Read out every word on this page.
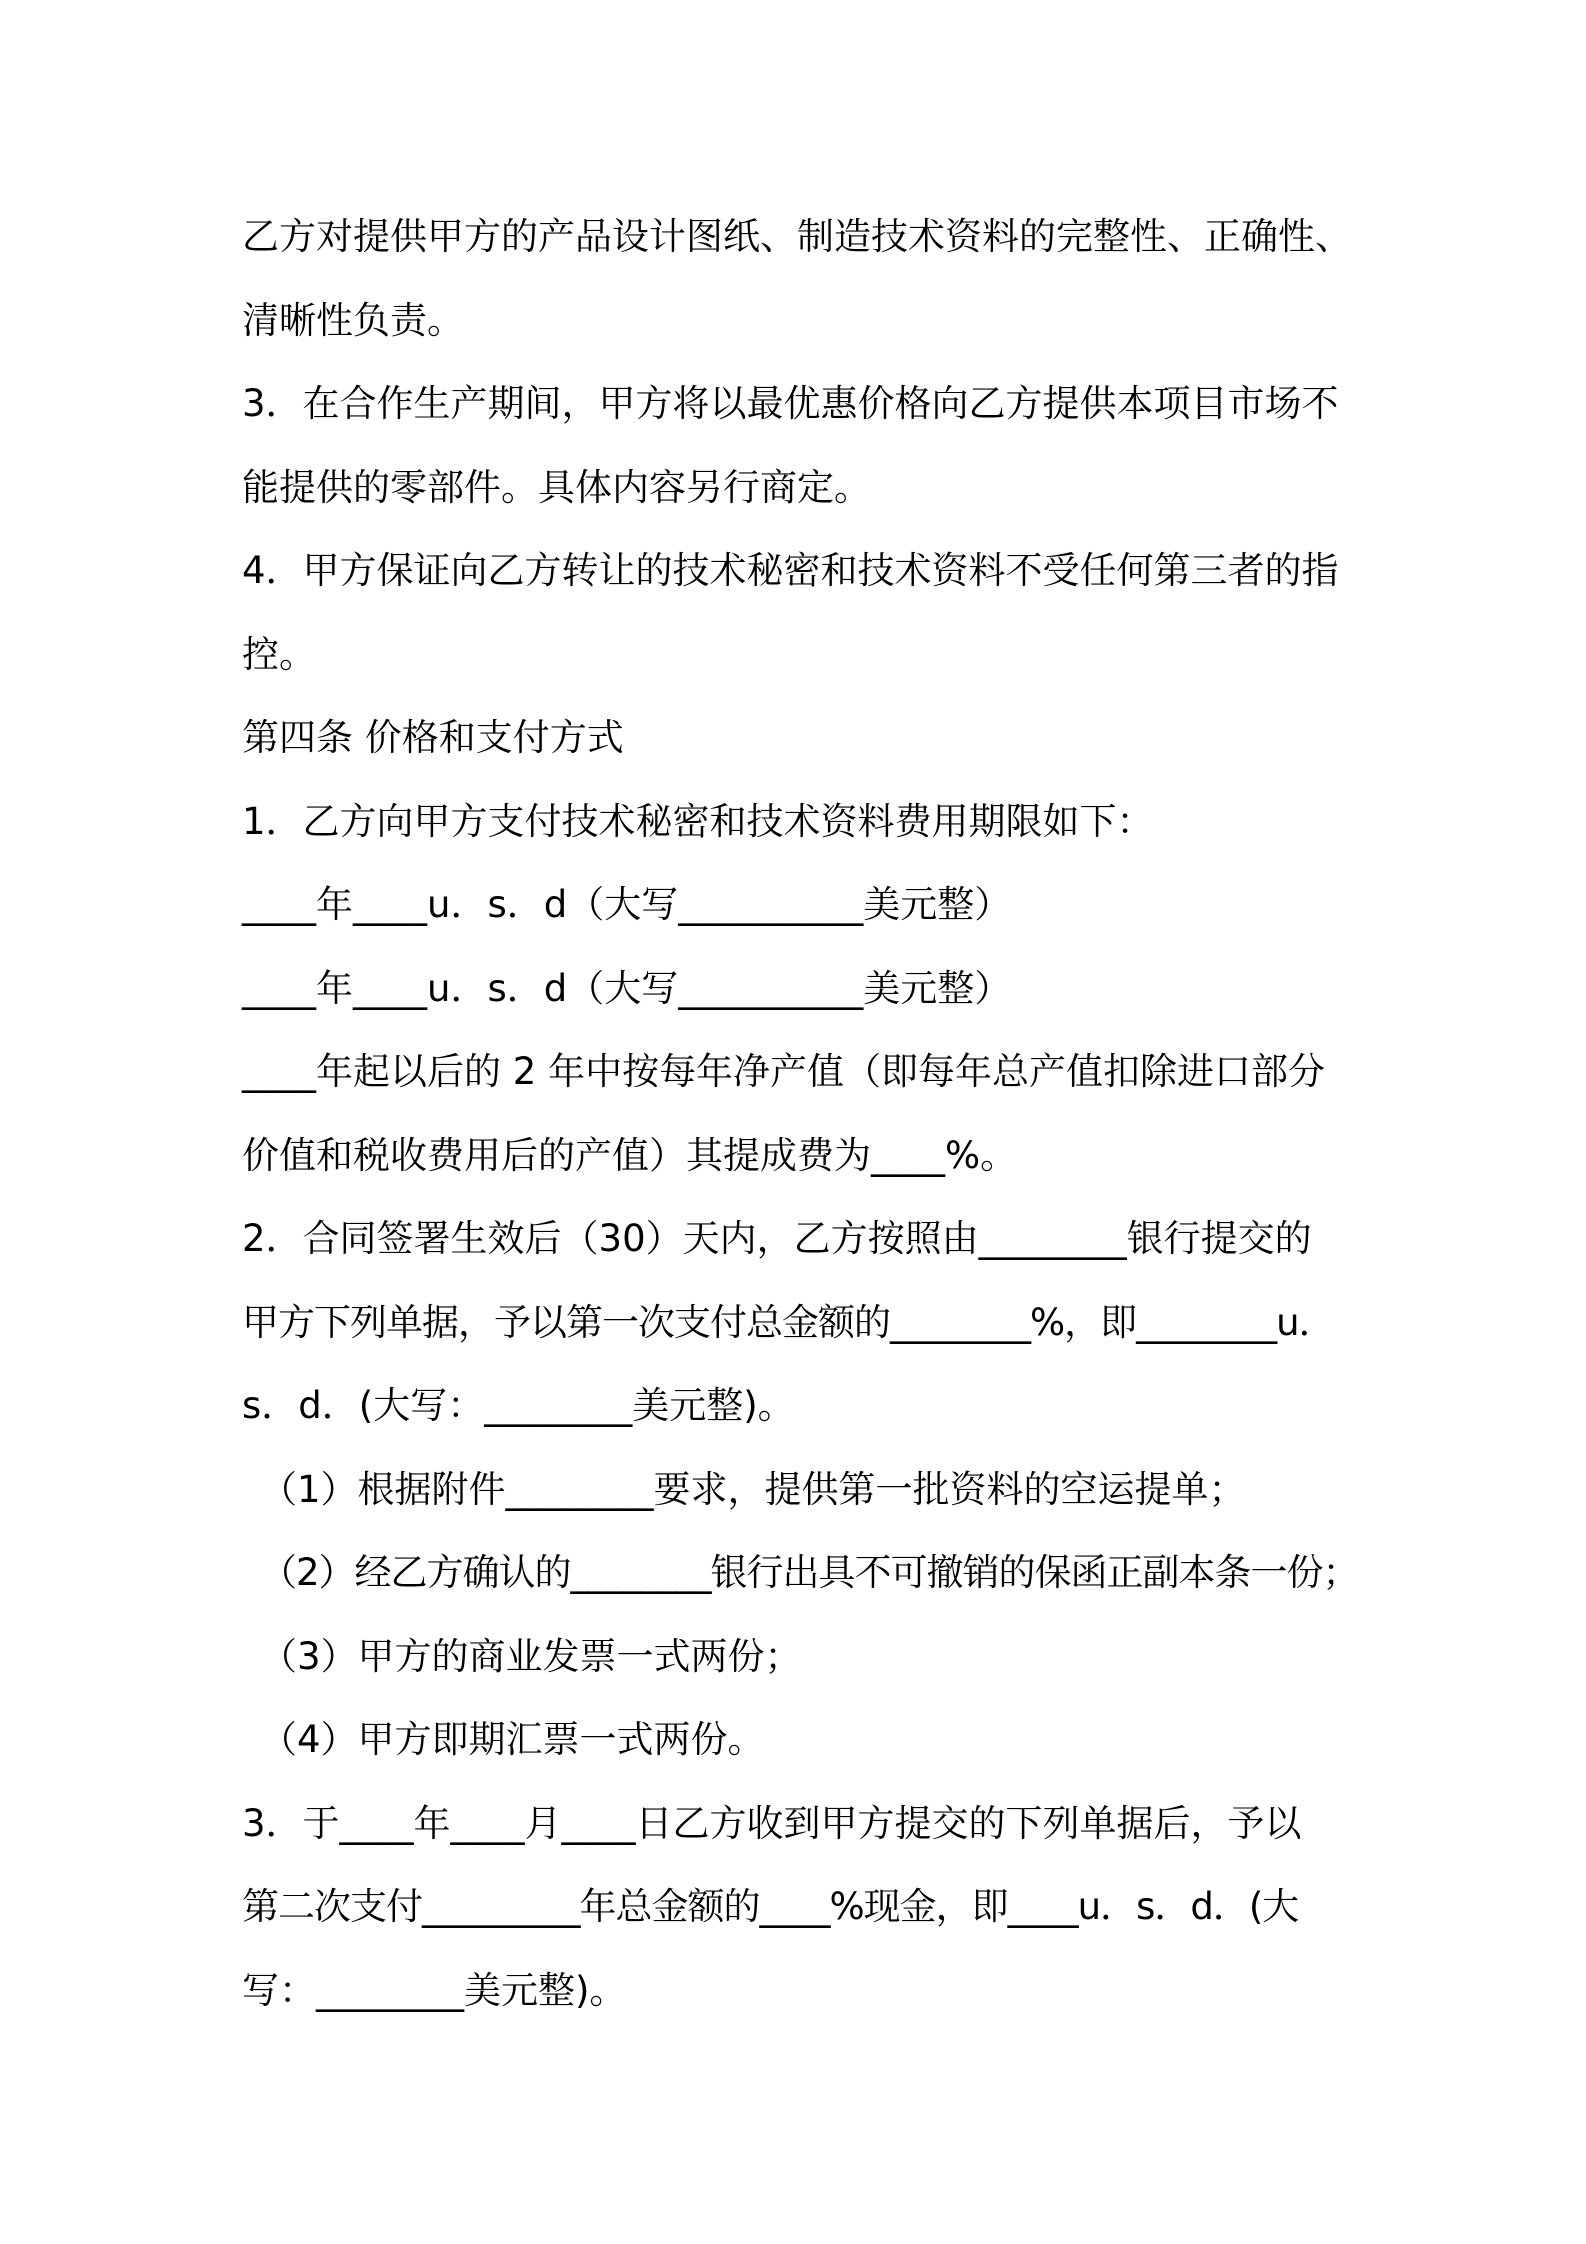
乙方对提供甲方的产品设计图纸、制造技术资料的完整性、正确性、
清晰性负责。
3．在合作生产期间，甲方将以最优惠价格向乙方提供本项目市场不
能提供的零部件。具体内容另行商定。
4．甲方保证向乙方转让的技术秘密和技术资料不受任何第三者的指
控。
第四条 价格和支付方式
1．乙方向甲方支付技术秘密和技术资料费用期限如下：
____年____u．s．d（大写__________美元整）
____年____u．s．d（大写__________美元整）
____年起以后的 2 年中按每年净产值（即每年总产值扣除进口部分
价值和税收费用后的产值）其提成费为____%。
2．合同签署生效后（30）天内，乙方按照由________银行提交的
甲方下列单据，予以第一次支付总金额的________%，即________u．
s．d．(大写：________美元整)。
（1）根据附件________要求，提供第一批资料的空运提单；
（2）经乙方确认的________银行出具不可撤销的保函正副本条一份；
（3）甲方的商业发票一式两份；
（4）甲方即期汇票一式两份。
3．于____年____月____日乙方收到甲方提交的下列单据后，予以
第二次支付_________年总金额的____%现金，即____u．s．d．(大
写：________美元整)。
